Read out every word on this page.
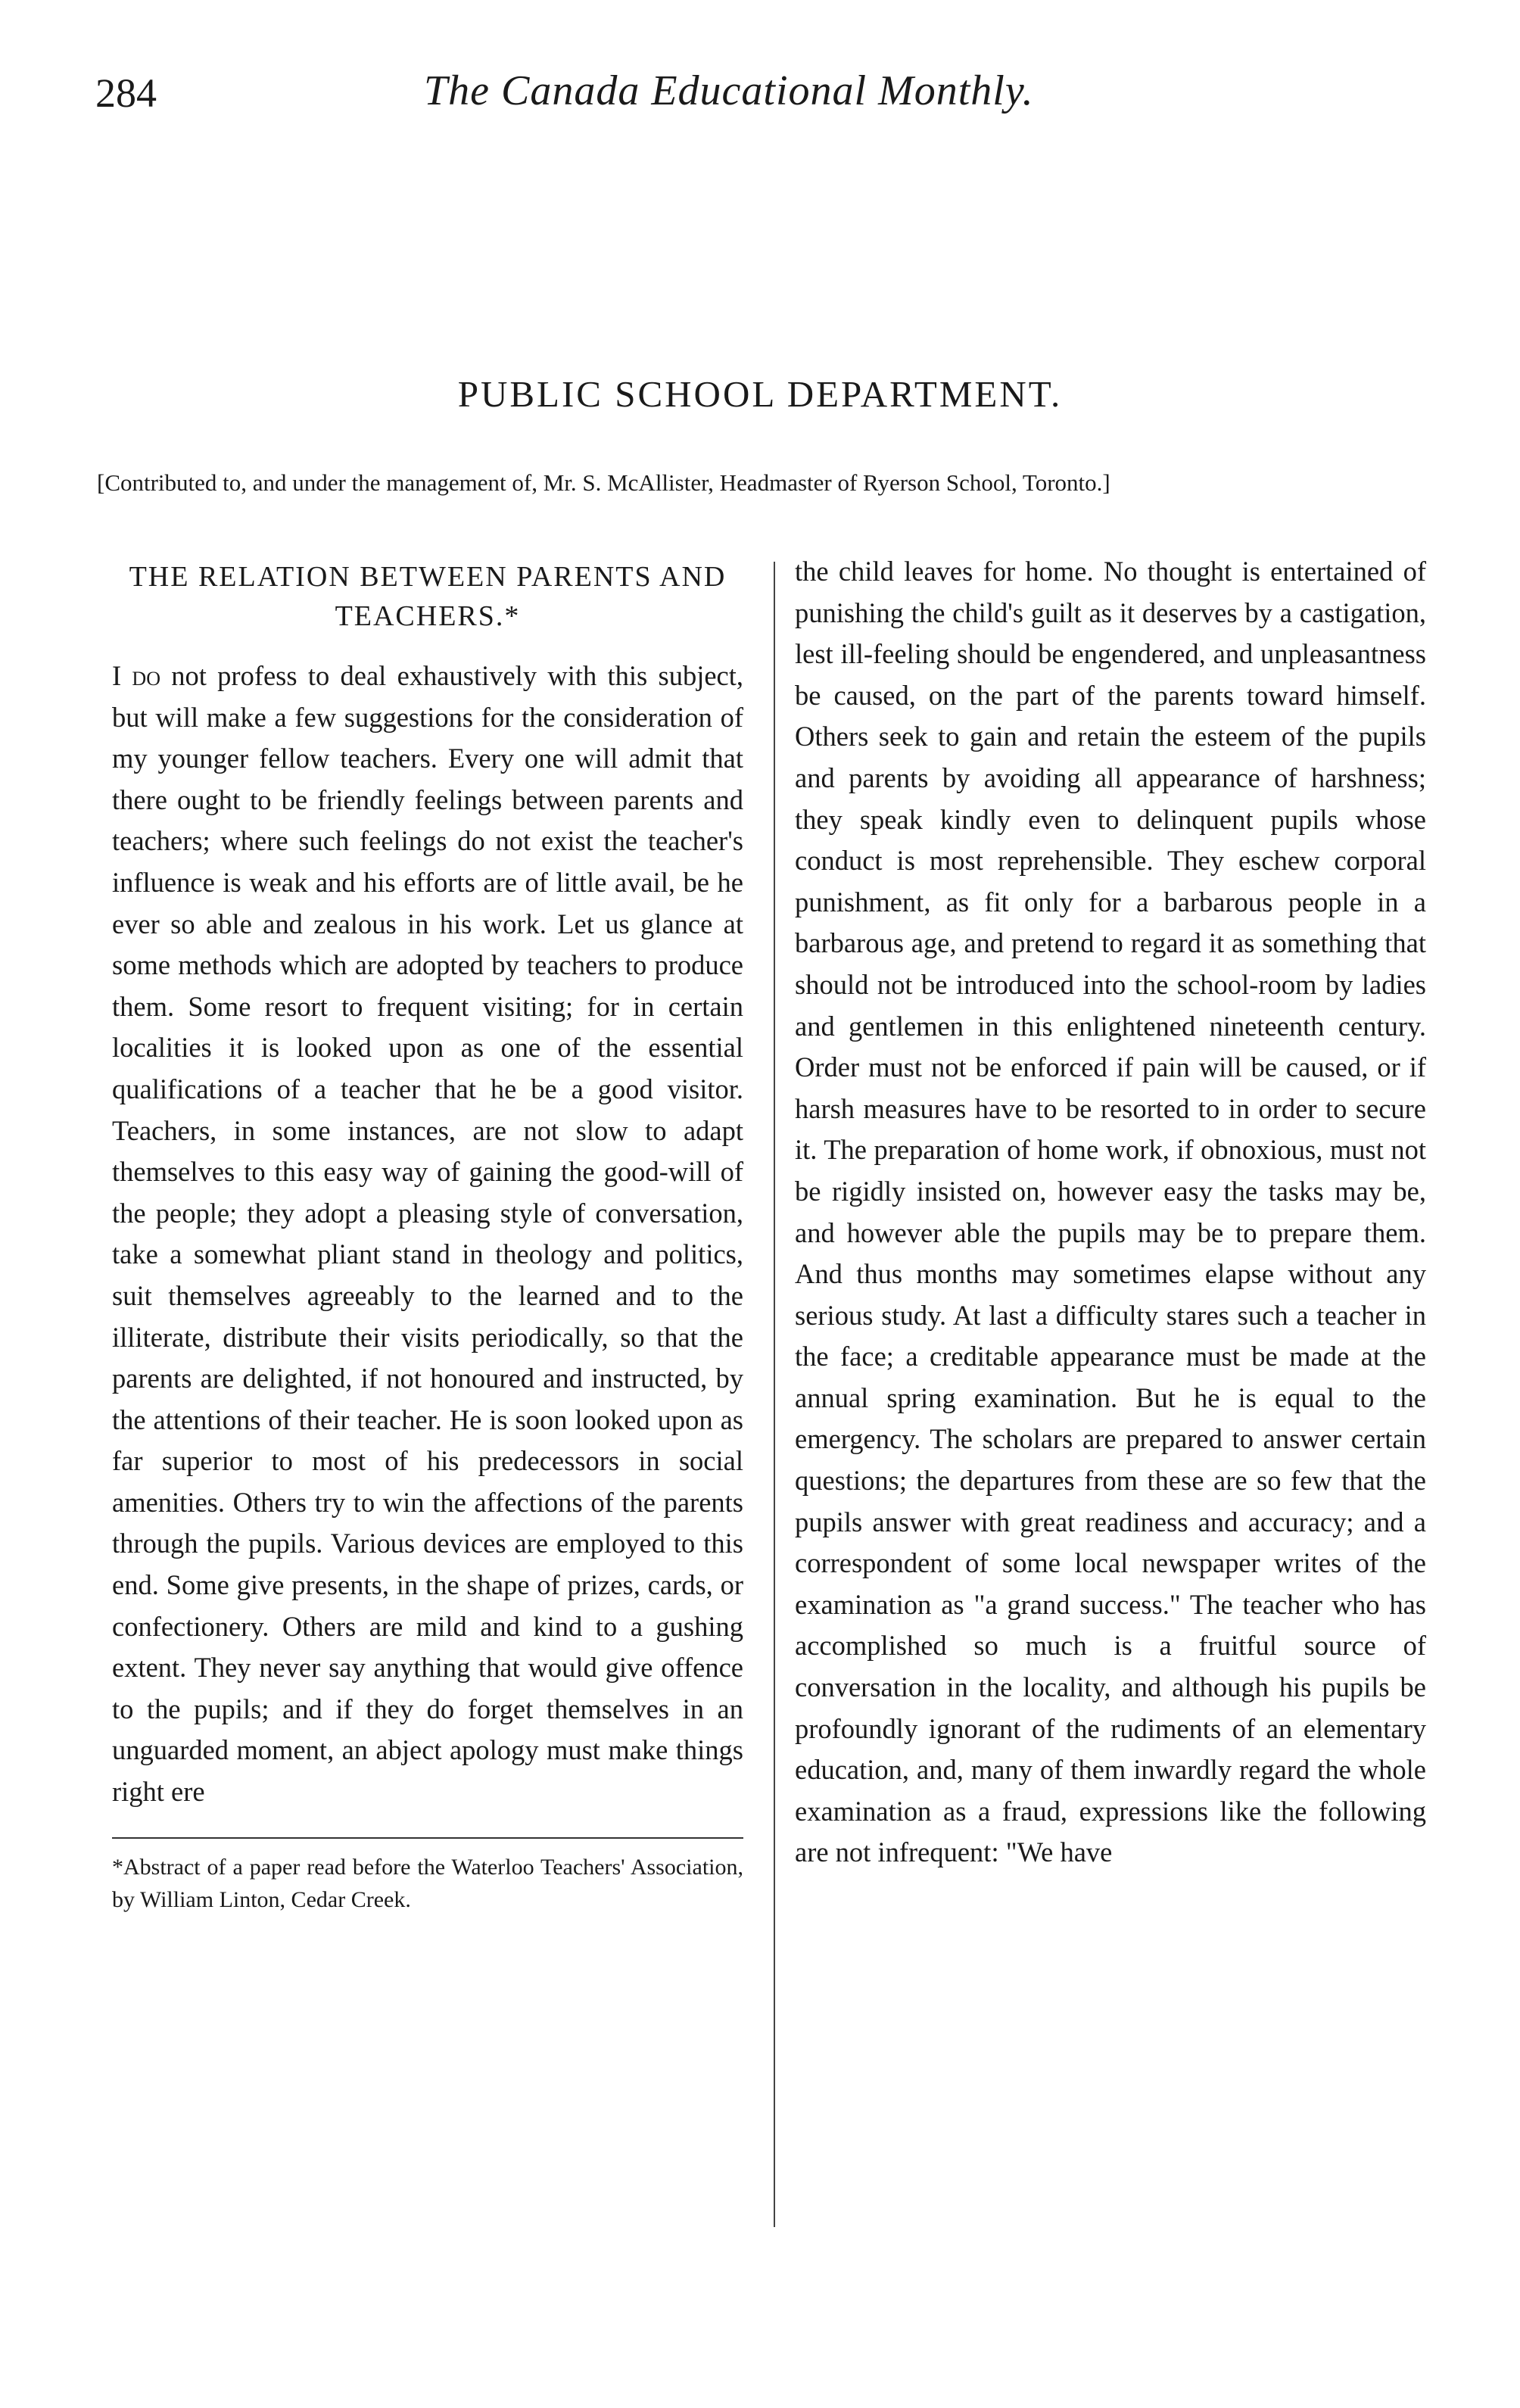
284	The Canada Educational Monthly.
PUBLIC SCHOOL DEPARTMENT.
[Contributed to, and under the management of, Mr. S. McAllister, Headmaster of Ryerson School, Toronto.]
THE RELATION BETWEEN PARENTS AND TEACHERS.*

I do not profess to deal exhaustively with this subject, but will make a few suggestions for the consideration of my younger fellow teachers. Every one will admit that there ought to be friendly feelings between parents and teachers; where such feelings do not exist the teacher's influence is weak and his efforts are of little avail, be he ever so able and zealous in his work. Let us glance at some methods which are adopted by teachers to produce them. Some resort to frequent visiting; for in certain localities it is looked upon as one of the essential qualifications of a teacher that he be a good visitor. Teachers, in some instances, are not slow to adapt themselves to this easy way of gaining the good-will of the people; they adopt a pleasing style of conversation, take a somewhat pliant stand in theology and politics, suit themselves agreeably to the learned and to the illiterate, distribute their visits periodically, so that the parents are delighted, if not honoured and instructed, by the attentions of their teacher. He is soon looked upon as far superior to most of his predecessors in social amenities. Others try to win the affections of the parents through the pupils. Various devices are employed to this end. Some give presents, in the shape of prizes, cards, or confectionery. Others are mild and kind to a gushing extent. They never say anything that would give offence to the pupils; and if they do forget themselves in an unguarded moment, an abject apology must make things right ere

*Abstract of a paper read before the Waterloo Teachers' Association, by William Linton, Cedar Creek.

the child leaves for home. No thought is entertained of punishing the child's guilt as it deserves by a castigation, lest ill-feeling should be engendered, and unpleasantness be caused, on the part of the parents toward himself. Others seek to gain and retain the esteem of the pupils and parents by avoiding all appearance of harshness; they speak kindly even to delinquent pupils whose conduct is most reprehensible. They eschew corporal punishment, as fit only for a barbarous people in a barbarous age, and pretend to regard it as something that should not be introduced into the school-room by ladies and gentlemen in this enlightened nineteenth century. Order must not be enforced if pain will be caused, or if harsh measures have to be resorted to in order to secure it. The preparation of home work, if obnoxious, must not be rigidly insisted on, however easy the tasks may be, and however able the pupils may be to prepare them. And thus months may sometimes elapse without any serious study. At last a difficulty stares such a teacher in the face; a creditable appearance must be made at the annual spring examination. But he is equal to the emergency. The scholars are prepared to answer certain questions; the departures from these are so few that the pupils answer with great readiness and accuracy; and a correspondent of some local newspaper writes of the examination as "a grand success." The teacher who has accomplished so much is a fruitful source of conversation in the locality, and although his pupils be profoundly ignorant of the rudiments of an elementary education, and, many of them inwardly regard the whole examination as a fraud, expressions like the following are not infrequent: "We have
